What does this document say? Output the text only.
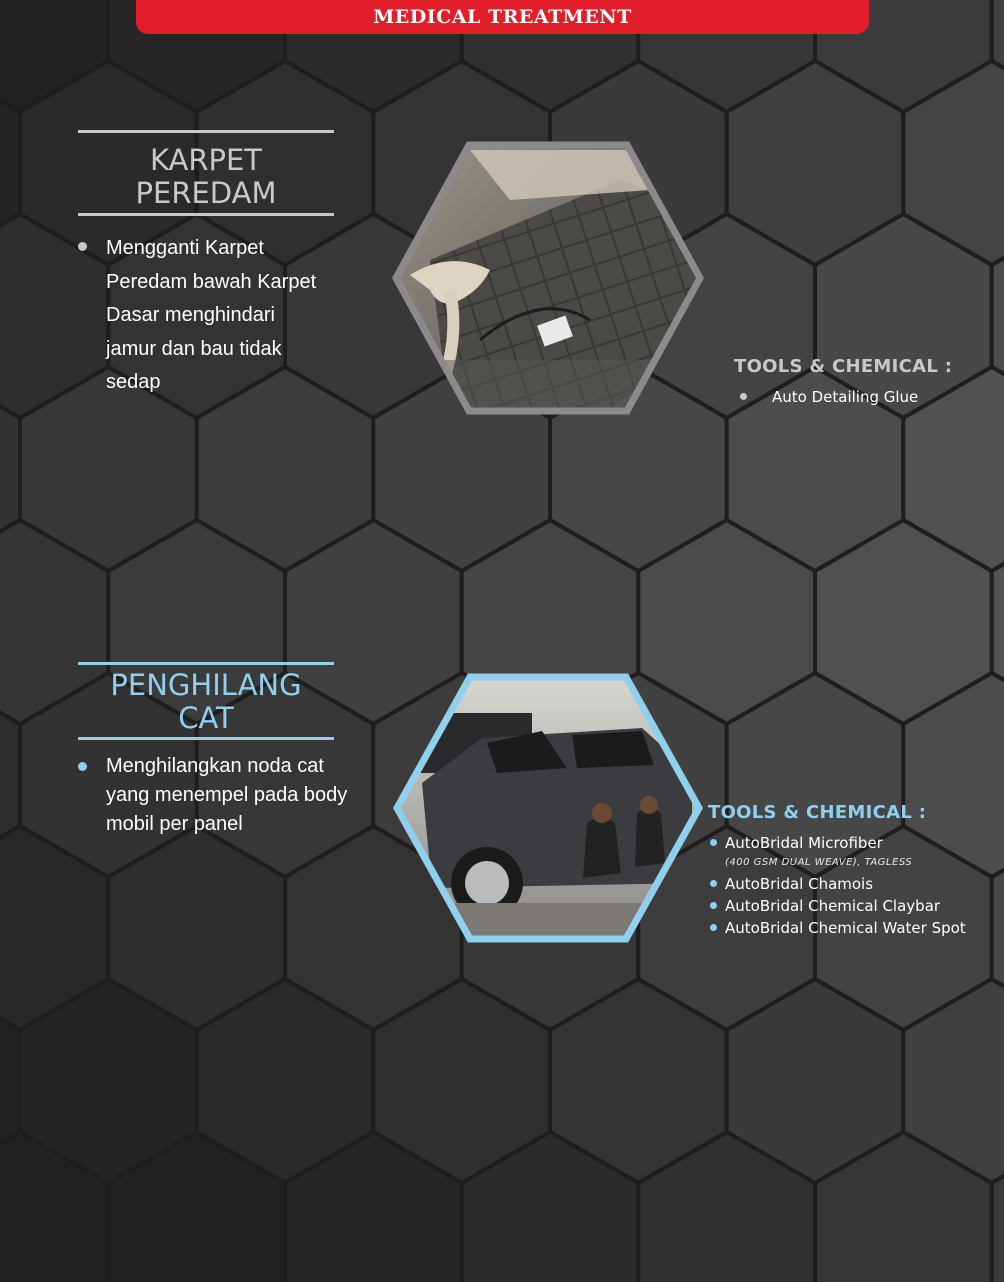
MEDICAL TREATMENT
KARPET
PEREDAM
Mengganti Karpet Peredam bawah Karpet Dasar menghindari jamur dan bau tidak sedap
TOOLS & CHEMICAL :
Auto Detailing Glue
PENGHILANG
CAT
Menghilangkan noda cat yang menempel pada body mobil per panel
TOOLS & CHEMICAL :
AutoBridal Microfiber
(400 GSM DUAL WEAVE), TAGLESS
AutoBridal Chamois
AutoBridal Chemical Claybar
AutoBridal Chemical Water Spot
